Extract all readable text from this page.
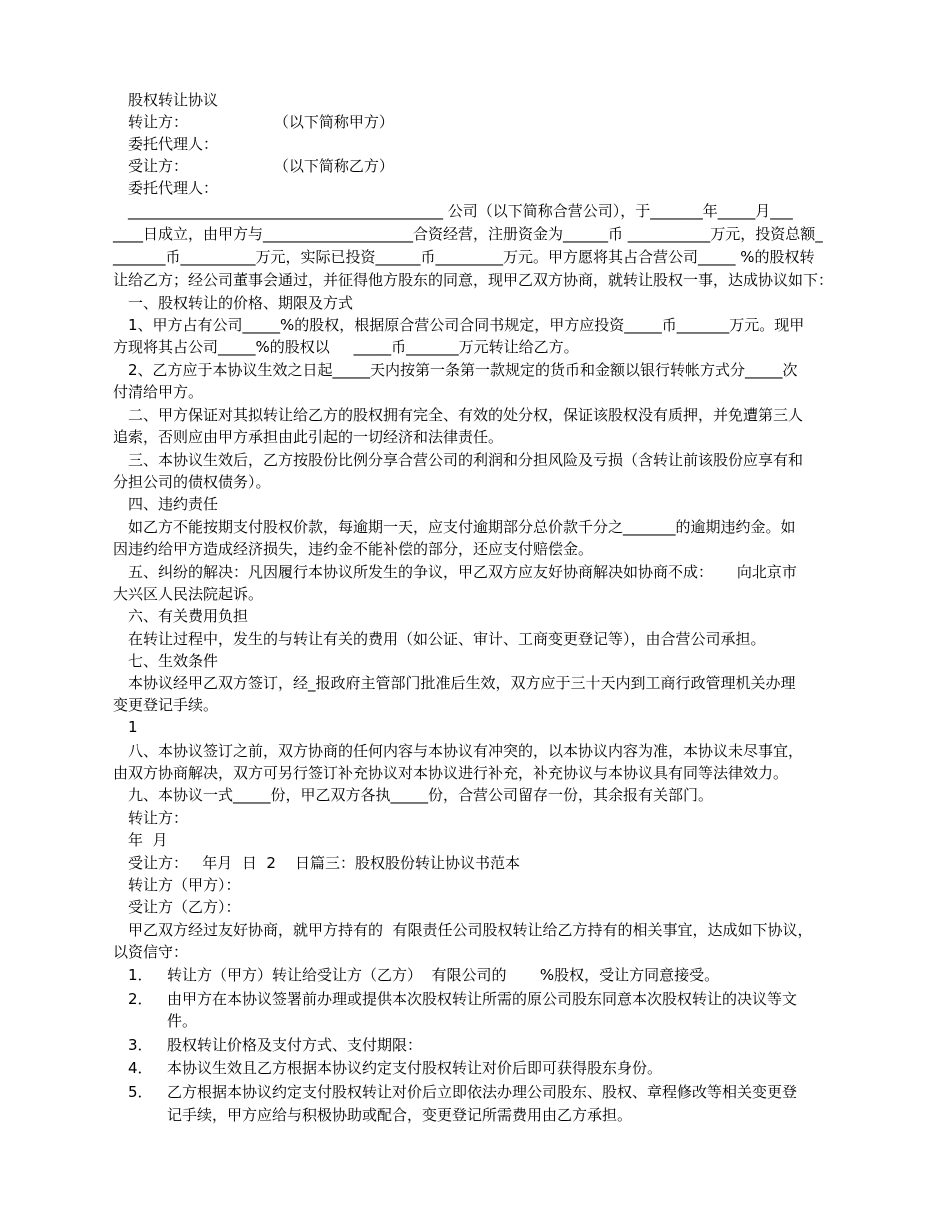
股权转让协议
转让方：                  （以下简称甲方）
委托代理人：
受让方：                  （以下简称乙方）
委托代理人：
__________________________________________ 公司（以下简称合营公司），于_______年_____月___
____日成立，由甲方与____________________合资经营，注册资金为______币 ___________万元，投资总额_
_______币__________万元，实际已投资______币_________万元。甲方愿将其占合营公司_____ %的股权转
让给乙方；经公司董事会通过，并征得他方股东的同意，现甲乙双方协商，就转让股权一事，达成协议如下：
一、股权转让的价格、期限及方式
1、甲方占有公司_____%的股权，根据原合营公司合同书规定，甲方应投资_____币_______万元。现甲
方现将其占公司_____%的股权以     _____币_______万元转让给乙方。
2、乙方应于本协议生效之日起_____天内按第一条第一款规定的货币和金额以银行转帐方式分_____次
付清给甲方。
二、甲方保证对其拟转让给乙方的股权拥有完全、有效的处分权，保证该股权没有质押，并免遭第三人
追索，否则应由甲方承担由此引起的一切经济和法律责任。
三、本协议生效后，乙方按股份比例分享合营公司的利润和分担风险及亏损（含转让前该股份应享有和
分担公司的债权债务）。
四、违约责任
如乙方不能按期支付股权价款，每逾期一天，应支付逾期部分总价款千分之_______的逾期违约金。如
因违约给甲方造成经济损失，违约金不能补偿的部分，还应支付赔偿金。
五、纠纷的解决：凡因履行本协议所发生的争议，甲乙双方应友好协商解决如协商不成：     向北京市
大兴区人民法院起诉。
六、有关费用负担
在转让过程中，发生的与转让有关的费用（如公证、审计、工商变更登记等），由合营公司承担。
七、生效条件
本协议经甲乙双方签订，经_报政府主管部门批准后生效，双方应于三十天内到工商行政管理机关办理
变更登记手续。
1
八、本协议签订之前，双方协商的任何内容与本协议有冲突的，以本协议内容为准，本协议未尽事宜，
由双方协商解决，双方可另行签订补充协议对本协议进行补充，补充协议与本协议具有同等法律效力。
九、本协议一式_____份，甲乙双方各执_____份，合营公司留存一份，其余报有关部门。
转让方：
年  月
受让方：   年月  日  2    日篇三：股权股份转让协议书范本
转让方（甲方）：
受让方（乙方）：
甲乙双方经过友好协商，就甲方持有的  有限责任公司股权转让给乙方持有的相关事宜，达成如下协议，
以资信守：
1． 转让方（甲方）转让给受让方（乙方）  有限公司的       %股权，受让方同意接受。
2． 由甲方在本协议签署前办理或提供本次股权转让所需的原公司股东同意本次股权转让的决议等文
件。
3． 股权转让价格及支付方式、支付期限：
4． 本协议生效且乙方根据本协议约定支付股权转让对价后即可获得股东身份。
5． 乙方根据本协议约定支付股权转让对价后立即依法办理公司股东、股权、章程修改等相关变更登
记手续，甲方应给与积极协助或配合，变更登记所需费用由乙方承担。
